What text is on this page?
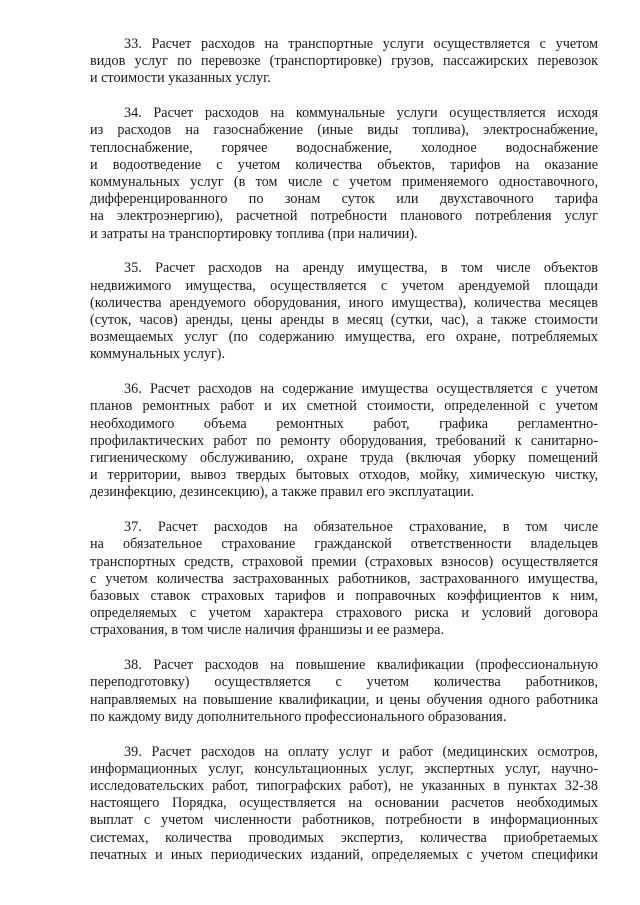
33. Расчет расходов на транспортные услуги осуществляется с учетом
видов услуг по перевозке (транспортировке) грузов, пассажирских перевозок
и стоимости указанных услуг.
34. Расчет расходов на коммунальные услуги осуществляется исходя
из расходов на газоснабжение (иные виды топлива), электроснабжение,
теплоснабжение, горячее водоснабжение, холодное водоснабжение
и водоотведение с учетом количества объектов, тарифов на оказание
коммунальных услуг (в том числе с учетом применяемого одноставочного,
дифференцированного по зонам суток или двухставочного тарифа
на электроэнергию), расчетной потребности планового потребления услуг
и затраты на транспортировку топлива (при наличии).
35. Расчет расходов на аренду имущества, в том числе объектов
недвижимого имущества, осуществляется с учетом арендуемой площади
(количества арендуемого оборудования, иного имущества), количества месяцев
(суток, часов) аренды, цены аренды в месяц (сутки, час), а также стоимости
возмещаемых услуг (по содержанию имущества, его охране, потребляемых
коммунальных услуг).
36. Расчет расходов на содержание имущества осуществляется с учетом
планов ремонтных работ и их сметной стоимости, определенной с учетом
необходимого объема ремонтных работ, графика регламентно-
профилактических работ по ремонту оборудования, требований к санитарно-
гигиеническому обслуживанию, охране труда (включая уборку помещений
и территории, вывоз твердых бытовых отходов, мойку, химическую чистку,
дезинфекцию, дезинсекцию), а также правил его эксплуатации.
37. Расчет расходов на обязательное страхование, в том числе
на обязательное страхование гражданской ответственности владельцев
транспортных средств, страховой премии (страховых взносов) осуществляется
с учетом количества застрахованных работников, застрахованного имущества,
базовых ставок страховых тарифов и поправочных коэффициентов к ним,
определяемых с учетом характера страхового риска и условий договора
страхования, в том числе наличия франшизы и ее размера.
38. Расчет расходов на повышение квалификации (профессиональную
переподготовку) осуществляется с учетом количества работников,
направляемых на повышение квалификации, и цены обучения одного работника
по каждому виду дополнительного профессионального образования.
39. Расчет расходов на оплату услуг и работ (медицинских осмотров,
информационных услуг, консультационных услуг, экспертных услуг, научно-
исследовательских работ, типографских работ), не указанных в пунктах 32-38
настоящего Порядка, осуществляется на основании расчетов необходимых
выплат с учетом численности работников, потребности в информационных
системах, количества проводимых экспертиз, количества приобретаемых
печатных и иных периодических изданий, определяемых с учетом специфики
